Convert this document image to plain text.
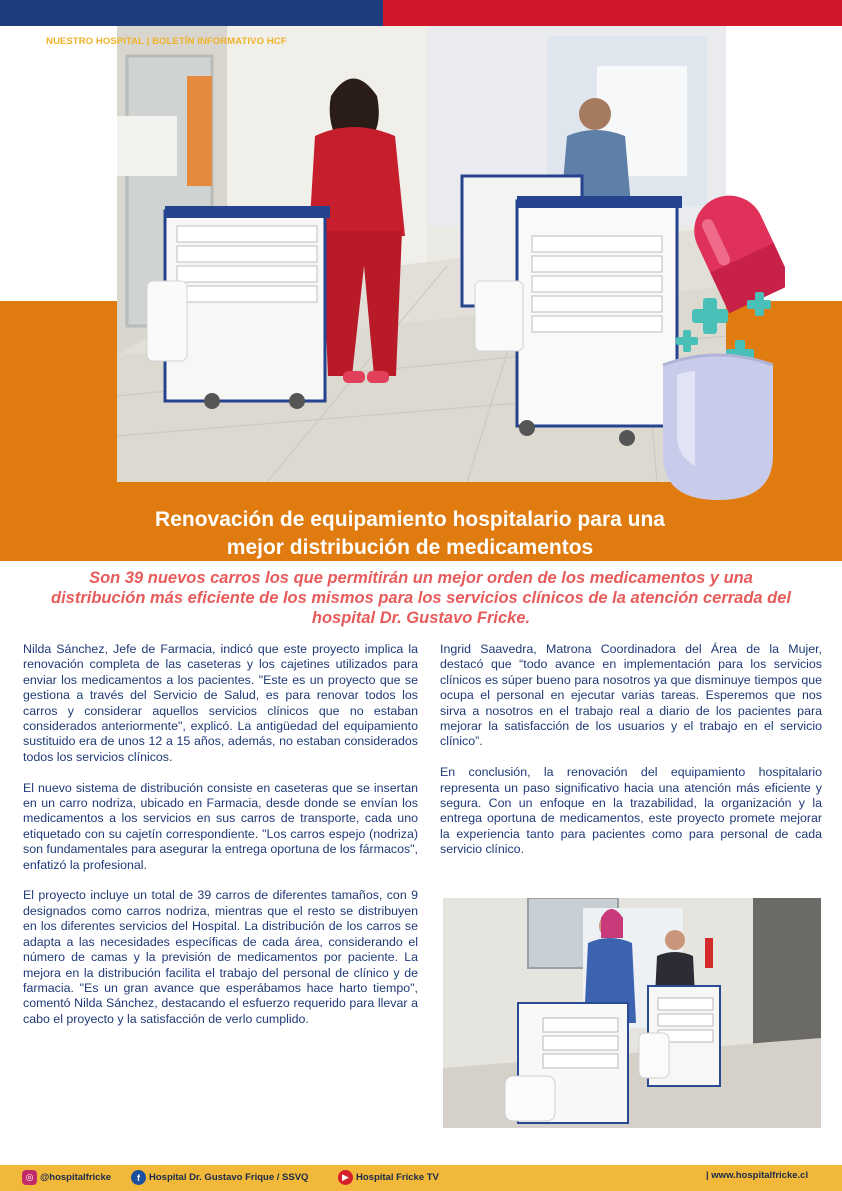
NUESTRO HOSPITAL | BOLETÍN INFORMATIVO HCF
Renovación de equipamiento hospitalario para una
mejor distribución de medicamentos
Son 39 nuevos carros los que permitirán un mejor orden de los medicamentos y una distribución más eficiente de los mismos para los servicios clínicos de la atención cerrada del hospital Dr. Gustavo Fricke.

Nilda Sánchez, Jefe de Farmacia, indicó que este proyecto implica la renovación completa de las caseteras y los cajetines utilizados para enviar los medicamentos a los pacientes. "Este es un proyecto que se gestiona a través del Servicio de Salud, es para renovar todos los carros y considerar aquellos servicios clínicos que no estaban considerados anteriormente", explicó. La antigüedad del equipamiento sustituido era de unos 12 a 15 años, además, no estaban considerados todos los servicios clínicos.

El nuevo sistema de distribución consiste en caseteras que se insertan en un carro nodriza, ubicado en Farmacia, desde donde se envían los medicamentos a los servicios en sus carros de transporte, cada uno etiquetado con su cajetín correspondiente. "Los carros espejo (nodriza) son fundamentales para asegurar la entrega oportuna de los fármacos", enfatizó la profesional.

El proyecto incluye un total de 39 carros de diferentes tamaños, con 9 designados como carros nodriza, mientras que el resto se distribuyen en los diferentes servicios del Hospital. La distribución de los carros se adapta a las necesidades específicas de cada área, considerando el número de camas y la previsión de medicamentos por paciente. La mejora en la distribución facilita el trabajo del personal de clínico y de farmacia. "Es un gran avance que esperábamos hace harto tiempo", comentó Nilda Sánchez, destacando el esfuerzo requerido para llevar a cabo el proyecto y la satisfacción de verlo cumplido.

Ingrid Saavedra, Matrona Coordinadora del Área de la Mujer, destacó que “todo avance en implementación para los servicios clínicos es súper bueno para nosotros ya que disminuye tiempos que ocupa el personal en ejecutar varias tareas. Esperemos que nos sirva a nosotros en el trabajo real a diario de los pacientes para mejorar la satisfacción de los usuarios y el trabajo en el servicio clínico”.

En conclusión, la renovación del equipamiento hospitalario representa un paso significativo hacia una atención más eficiente y segura. Con un enfoque en la trazabilidad, la organización y la entrega oportuna de medicamentos, este proyecto promete mejorar la experiencia tanto para pacientes como para personal de cada servicio clínico.

◎ @hospitalfricke	f Hospital Dr. Gustavo Frique / SSVQ	▶ Hospital Fricke TV	| www.hospitalfricke.cl
